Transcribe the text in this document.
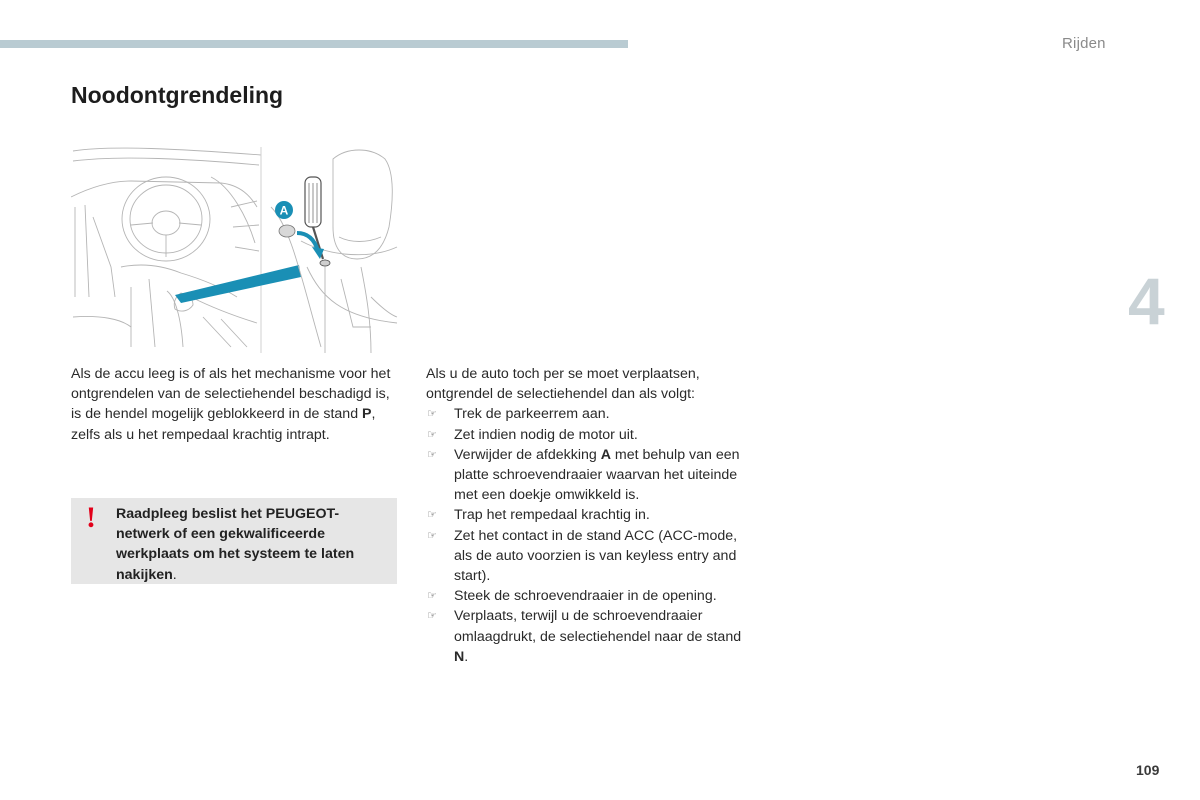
Rijden
4
Noodontgrendeling
A

Als de accu leeg is of als het mechanisme voor het ontgrendelen van de selectiehendel beschadigd is, is de hendel mogelijk geblokkeerd in de stand P, zelfs als u het rempedaal krachtig intrapt.

! Raadpleeg beslist het PEUGEOT-netwerk of een gekwalificeerde werkplaats om het systeem te laten nakijken.

Als u de auto toch per se moet verplaatsen, ontgrendel de selectiehendel dan als volgt:

☞ Trek de parkeerrem aan.
☞ Zet indien nodig de motor uit.
☞ Verwijder de afdekking A met behulp van een platte schroevendraaier waarvan het uiteinde met een doekje omwikkeld is.
☞ Trap het rempedaal krachtig in.
☞ Zet het contact in de stand ACC (ACC-mode, als de auto voorzien is van keyless entry and start).
☞ Steek de schroevendraaier in de opening.
☞ Verplaats, terwijl u de schroevendraaier omlaagdrukt, de selectiehendel naar de stand N.
109
